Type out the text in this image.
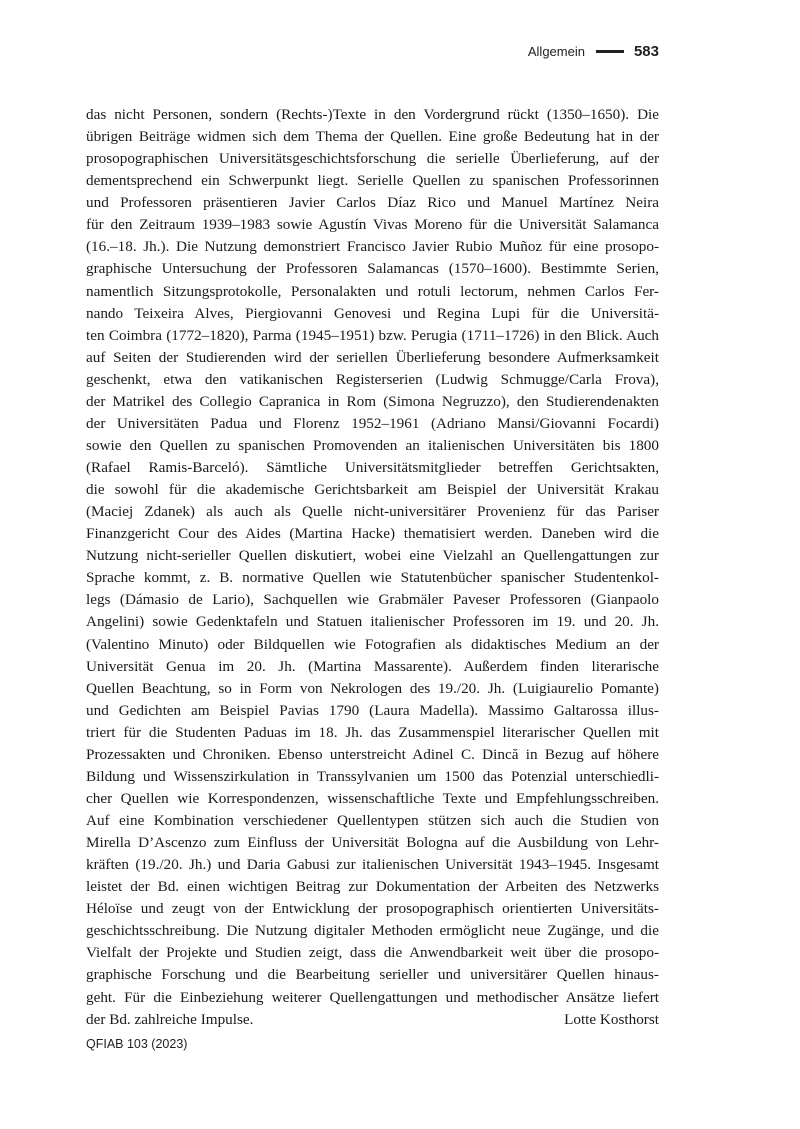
Allgemein	583
das nicht Personen, sondern (Rechts-)Texte in den Vordergrund rückt (1350–1650). Die
übrigen Beiträge widmen sich dem Thema der Quellen. Eine große Bedeutung hat in der
prosopographischen Universitätsgeschichtsforschung die serielle Überlieferung, auf der
dementsprechend ein Schwerpunkt liegt. Serielle Quellen zu spanischen Professorinnen
und Professoren präsentieren Javier Carlos Díaz Rico und Manuel Martínez Neira
für den Zeitraum 1939–1983 sowie Agustín Vivas Moreno für die Universität Salamanca
(16.–18. Jh.). Die Nutzung demonstriert Francisco Javier Rubio Muñoz für eine prosopo-
graphische Untersuchung der Professoren Salamancas (1570–1600). Bestimmte Serien,
namentlich Sitzungsprotokolle, Personalakten und rotuli lectorum, nehmen Carlos Fer-
nando Teixeira Alves, Piergiovanni Genovesi und Regina Lupi für die Universitä-
ten Coimbra (1772–1820), Parma (1945–1951) bzw. Perugia (1711–1726) in den Blick. Auch
auf Seiten der Studierenden wird der seriellen Überlieferung besondere Aufmerksamkeit
geschenkt, etwa den vatikanischen Registerserien (Ludwig Schmugge/Carla Frova),
der Matrikel des Collegio Capranica in Rom (Simona Negruzzo), den Studierendenakten
der Universitäten Padua und Florenz 1952–1961 (Adriano Mansi/Giovanni Focardi)
sowie den Quellen zu spanischen Promovenden an italienischen Universitäten bis 1800
(Rafael Ramis-Barceló). Sämtliche Universitätsmitglieder betreffen Gerichtsakten,
die sowohl für die akademische Gerichtsbarkeit am Beispiel der Universität Krakau
(Maciej Zdanek) als auch als Quelle nicht-universitärer Provenienz für das Pariser
Finanzgericht Cour des Aides (Martina Hacke) thematisiert werden. Daneben wird die
Nutzung nicht-serieller Quellen diskutiert, wobei eine Vielzahl an Quellengattungen zur
Sprache kommt, z. B. normative Quellen wie Statutenbücher spanischer Studentenkol-
legs (Dámasio de Lario), Sachquellen wie Grabmäler Paveser Professoren (Gianpaolo
Angelini) sowie Gedenktafeln und Statuen italienischer Professoren im 19. und 20. Jh.
(Valentino Minuto) oder Bildquellen wie Fotografien als didaktisches Medium an der
Universität Genua im 20. Jh. (Martina Massarente). Außerdem finden literarische
Quellen Beachtung, so in Form von Nekrologen des 19./20. Jh. (Luigiaurelio Pomante)
und Gedichten am Beispiel Pavias 1790 (Laura Madella). Massimo Galtarossa illus-
triert für die Studenten Paduas im 18. Jh. das Zusammenspiel literarischer Quellen mit
Prozessakten und Chroniken. Ebenso unterstreicht Adinel C. Dincă in Bezug auf höhere
Bildung und Wissenszirkulation in Transsylvanien um 1500 das Potenzial unterschiedli-
cher Quellen wie Korrespondenzen, wissenschaftliche Texte und Empfehlungsschreiben.
Auf eine Kombination verschiedener Quellentypen stützen sich auch die Studien von
Mirella D’Ascenzo zum Einfluss der Universität Bologna auf die Ausbildung von Lehr-
kräften (19./20. Jh.) und Daria Gabusi zur italienischen Universität 1943–1945. Insgesamt
leistet der Bd. einen wichtigen Beitrag zur Dokumentation der Arbeiten des Netzwerks
Héloïse und zeugt von der Entwicklung der prosopographisch orientierten Universitäts-
geschichtsschreibung. Die Nutzung digitaler Methoden ermöglicht neue Zugänge, und die
Vielfalt der Projekte und Studien zeigt, dass die Anwendbarkeit weit über die prosopo-
graphische Forschung und die Bearbeitung serieller und universitärer Quellen hinaus-
geht. Für die Einbeziehung weiterer Quellengattungen und methodischer Ansätze liefert
der Bd. zahlreiche Impulse.	Lotte Kosthorst
QFIAB 103 (2023)
